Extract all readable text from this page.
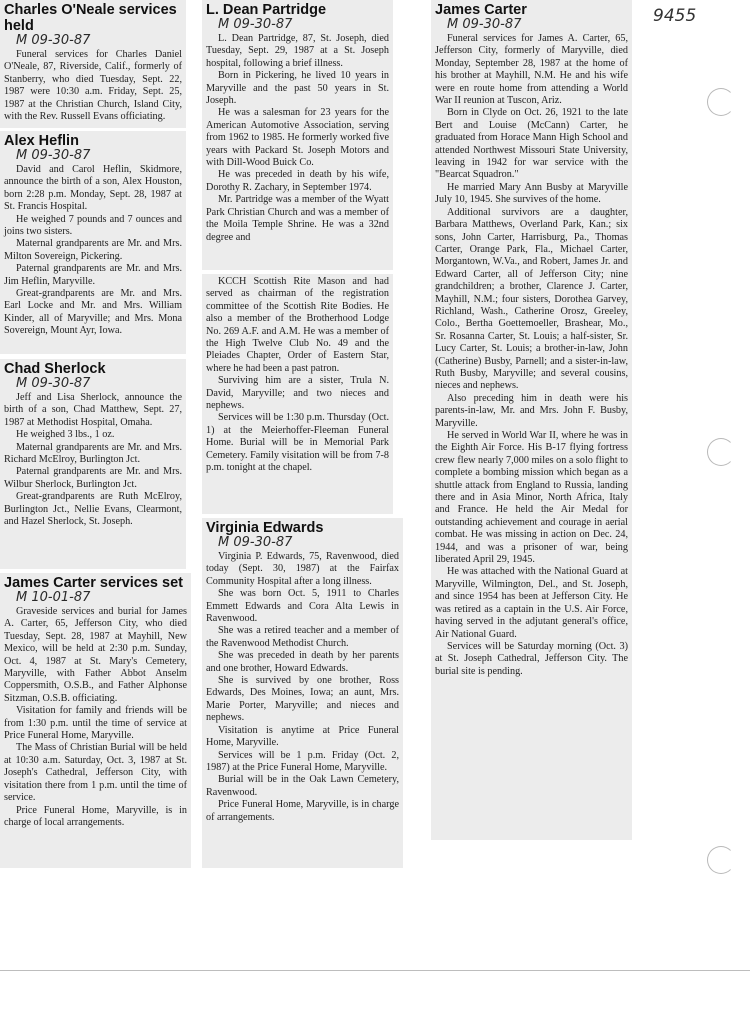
9455
Charles O'Neale services held
M 09-30-87

Funeral services for Charles Daniel O'Neale, 87, Riverside, Calif., formerly of Stanberry, who died Tuesday, Sept. 22, 1987 were 10:30 a.m. Friday, Sept. 25, 1987 at the Christian Church, Island City, with the Rev. Russell Evans officiating.

Alex Heflin
M 09-30-87

David and Carol Heflin, Skidmore, announce the birth of a son, Alex Houston, born 2:28 p.m. Monday, Sept. 28, 1987 at St. Francis Hospital.

He weighed 7 pounds and 7 ounces and joins two sisters.

Maternal grandparents are Mr. and Mrs. Milton Sovereign, Pickering.

Paternal grandparents are Mr. and Mrs. Jim Heflin, Maryville.

Great-grandparents are Mr. and Mrs. Earl Locke and Mr. and Mrs. William Kinder, all of Maryville; and Mrs. Mona Sovereign, Mount Ayr, Iowa.

Chad Sherlock
M 09-30-87

Jeff and Lisa Sherlock, announce the birth of a son, Chad Matthew, Sept. 27, 1987 at Methodist Hospital, Omaha.

He weighed 3 lbs., 1 oz.

Maternal grandparents are Mr. and Mrs. Richard McElroy, Burlington Jct.

Paternal grandparents are Mr. and Mrs. Wilbur Sherlock, Burlington Jct.

Great-grandparents are Ruth McElroy, Burlington Jct., Nellie Evans, Clearmont, and Hazel Sherlock, St. Joseph.

James Carter services set
M 10-01-87

Graveside services and burial for James A. Carter, 65, Jefferson City, who died Tuesday, Sept. 28, 1987 at Mayhill, New Mexico, will be held at 2:30 p.m. Sunday, Oct. 4, 1987 at St. Mary's Cemetery, Maryville, with Father Abbot Anselm Coppersmith, O.S.B., and Father Alphonse Sitzman, O.S.B. officiating.

Visitation for family and friends will be from 1:30 p.m. until the time of service at Price Funeral Home, Maryville.

The Mass of Christian Burial will be held at 10:30 a.m. Saturday, Oct. 3, 1987 at St. Joseph's Cathedral, Jefferson City, with visitation there from 1 p.m. until the time of service.

Price Funeral Home, Maryville, is in charge of local arrangements.

L. Dean Partridge
M 09-30-87

L. Dean Partridge, 87, St. Joseph, died Tuesday, Sept. 29, 1987 at a St. Joseph hospital, following a brief illness.

Born in Pickering, he lived 10 years in Maryville and the past 50 years in St. Joseph.

He was a salesman for 23 years for the American Automotive Association, serving from 1962 to 1985. He formerly worked five years with Packard St. Joseph Motors and with Dill-Wood Buick Co.

He was preceded in death by his wife, Dorothy R. Zachary, in September 1974.

Mr. Partridge was a member of the Wyatt Park Christian Church and was a member of the Moila Temple Shrine. He was a 32nd degree and

KCCH Scottish Rite Mason and had served as chairman of the registration committee of the Scottish Rite Bodies. He also a member of the Brotherhood Lodge No. 269 A.F. and A.M. He was a member of the High Twelve Club No. 49 and the Pleiades Chapter, Order of Eastern Star, where he had been a past patron.

Surviving him are a sister, Trula N. David, Maryville; and two nieces and nephews.

Services will be 1:30 p.m. Thursday (Oct. 1) at the Meierhoffer-Fleeman Funeral Home. Burial will be in Memorial Park Cemetery. Family visitation will be from 7-8 p.m. tonight at the chapel.

Virginia Edwards
M 09-30-87

Virginia P. Edwards, 75, Ravenwood, died today (Sept. 30, 1987) at the Fairfax Community Hospital after a long illness.

She was born Oct. 5, 1911 to Charles Emmett Edwards and Cora Alta Lewis in Ravenwood.

She was a retired teacher and a member of the Ravenwood Methodist Church.

She was preceded in death by her parents and one brother, Howard Edwards.

She is survived by one brother, Ross Edwards, Des Moines, Iowa; an aunt, Mrs. Marie Porter, Maryville; and nieces and nephews.

Visitation is anytime at Price Funeral Home, Maryville.

Services will be 1 p.m. Friday (Oct. 2, 1987) at the Price Funeral Home, Maryville.

Burial will be in the Oak Lawn Cemetery, Ravenwood.

Price Funeral Home, Maryville, is in charge of arrangements.

James Carter
M 09-30-87

Funeral services for James A. Carter, 65, Jefferson City, formerly of Maryville, died Monday, September 28, 1987 at the home of his brother at Mayhill, N.M. He and his wife were en route home from attending a World War II reunion at Tuscon, Ariz.

Born in Clyde on Oct. 26, 1921 to the late Bert and Louise (McCann) Carter, he graduated from Horace Mann High School and attended Northwest Missouri State University, leaving in 1942 for war service with the "Bearcat Squadron."

He married Mary Ann Busby at Maryville July 10, 1945. She survives of the home.

Additional survivors are a daughter, Barbara Matthews, Overland Park, Kan.; six sons, John Carter, Harrisburg, Pa., Thomas Carter, Orange Park, Fla., Michael Carter, Morgantown, W.Va., and Robert, James Jr. and Edward Carter, all of Jefferson City; nine grandchildren; a brother, Clarence J. Carter, Mayhill, N.M.; four sisters, Dorothea Garvey, Richland, Wash., Catherine Orosz, Greeley, Colo., Bertha Goettemoeller, Brashear, Mo., Sr. Rosanna Carter, St. Louis; a half-sister, Sr. Lucy Carter, St. Louis; a brother-in-law, John (Catherine) Busby, Parnell; and a sister-in-law, Ruth Busby, Maryville; and several cousins, nieces and nephews.

Also preceding him in death were his parents-in-law, Mr. and Mrs. John F. Busby, Maryville.

He served in World War II, where he was in the Eighth Air Force. His B-17 flying fortress crew flew nearly 7,000 miles on a solo flight to complete a bombing mission which began as a shuttle attack from England to Russia, landing there and in Asia Minor, North Africa, Italy and France. He held the Air Medal for outstanding achievement and courage in aerial combat. He was missing in action on Dec. 24, 1944, and was a prisoner of war, being liberated April 29, 1945.

He was attached with the National Guard at Maryville, Wilmington, Del., and St. Joseph, and since 1954 has been at Jefferson City. He was retired as a captain in the U.S. Air Force, having served in the adjutant general's office, Air National Guard.

Services will be Saturday morning (Oct. 3) at St. Joseph Cathedral, Jefferson City. The burial site is pending.
